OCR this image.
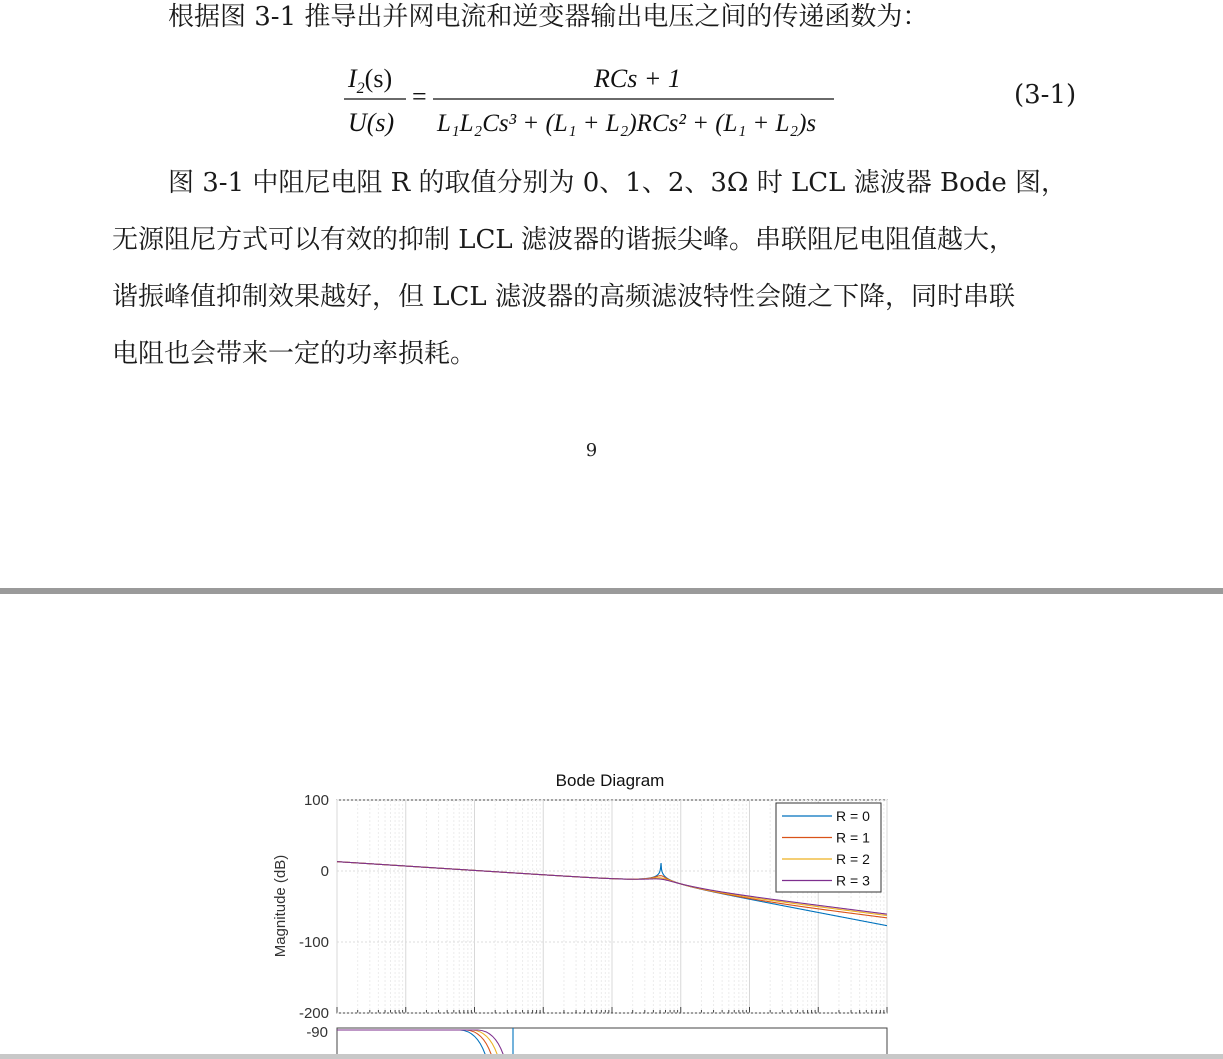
根据图 3-1 推导出并网电流和逆变器输出电压之间的传递函数为：
$I_2(s)$
U(s)
=
RCs + 1
L₁L₂Cs³ + (L₁ + L₂)RCs² + (L₁ + L₂)s
(3-1)
图 3-1 中阻尼电阻 R 的取值分别为 0、1、2、3Ω 时 LCL 滤波器 Bode 图，
无源阻尼方式可以有效的抑制 LCL 滤波器的谐振尖峰。串联阻尼电阻值越大，
谐振峰值抑制效果越好，但 LCL 滤波器的高频滤波特性会随之下降，同时串联
电阻也会带来一定的功率损耗。
9
Bode Diagram
100
0
-100
-200
Magnitude (dB)
R = 0
R = 1
R = 2
R = 3
-90
